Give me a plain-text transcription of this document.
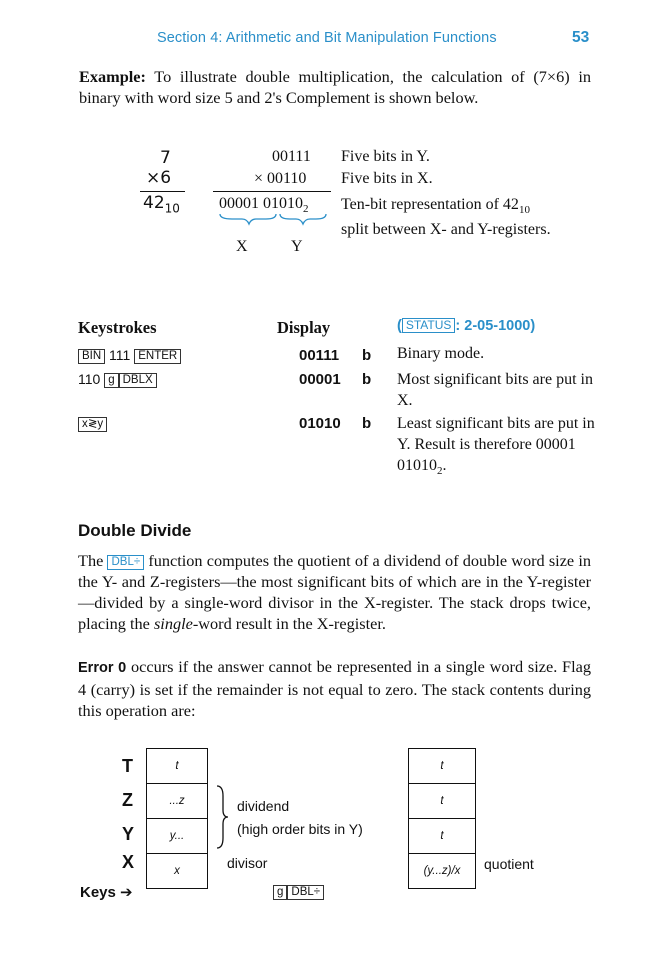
Section 4: Arithmetic and Bit Manipulation Functions	53
Example: To illustrate double multiplication, the calculation of (7×6) in binary with word size 5 and 2's Complement is shown below.
7
×6
$42_{10}$
00111
× 00110
00001 $01010_2$
X	Y
Five bits in Y.
Five bits in X.
Ten-bit representation of $42_{10}$
split between X- and Y-registers.
Keystrokes	Display	( STATUS : 2-05-1000)
BIN 111 ENTER	00111 b Binary mode.
110 g DBLX	00001 b Most significant bits are put in X.
x≷y	01010 b Least significant bits are put in Y. Result is therefore 00001 $01010_2$.
Double Divide
The DBL÷ function computes the quotient of a dividend of double word size in the Y- and Z-registers—the most significant bits of which are in the Y-register—divided by a single-word divisor in the X-register. The stack drops twice, placing the single-word result in the X-register.
Error 0 occurs if the answer cannot be represented in a single word size. Flag 4 (carry) is set if the remainder is not equal to zero. The stack contents during this operation are:
T
Z
Y
X
t
...z
y...
x
dividend
(high order bits in Y)
divisor
t
t
t
(y...z)/x	quotient
Keys ➔	g DBL÷
